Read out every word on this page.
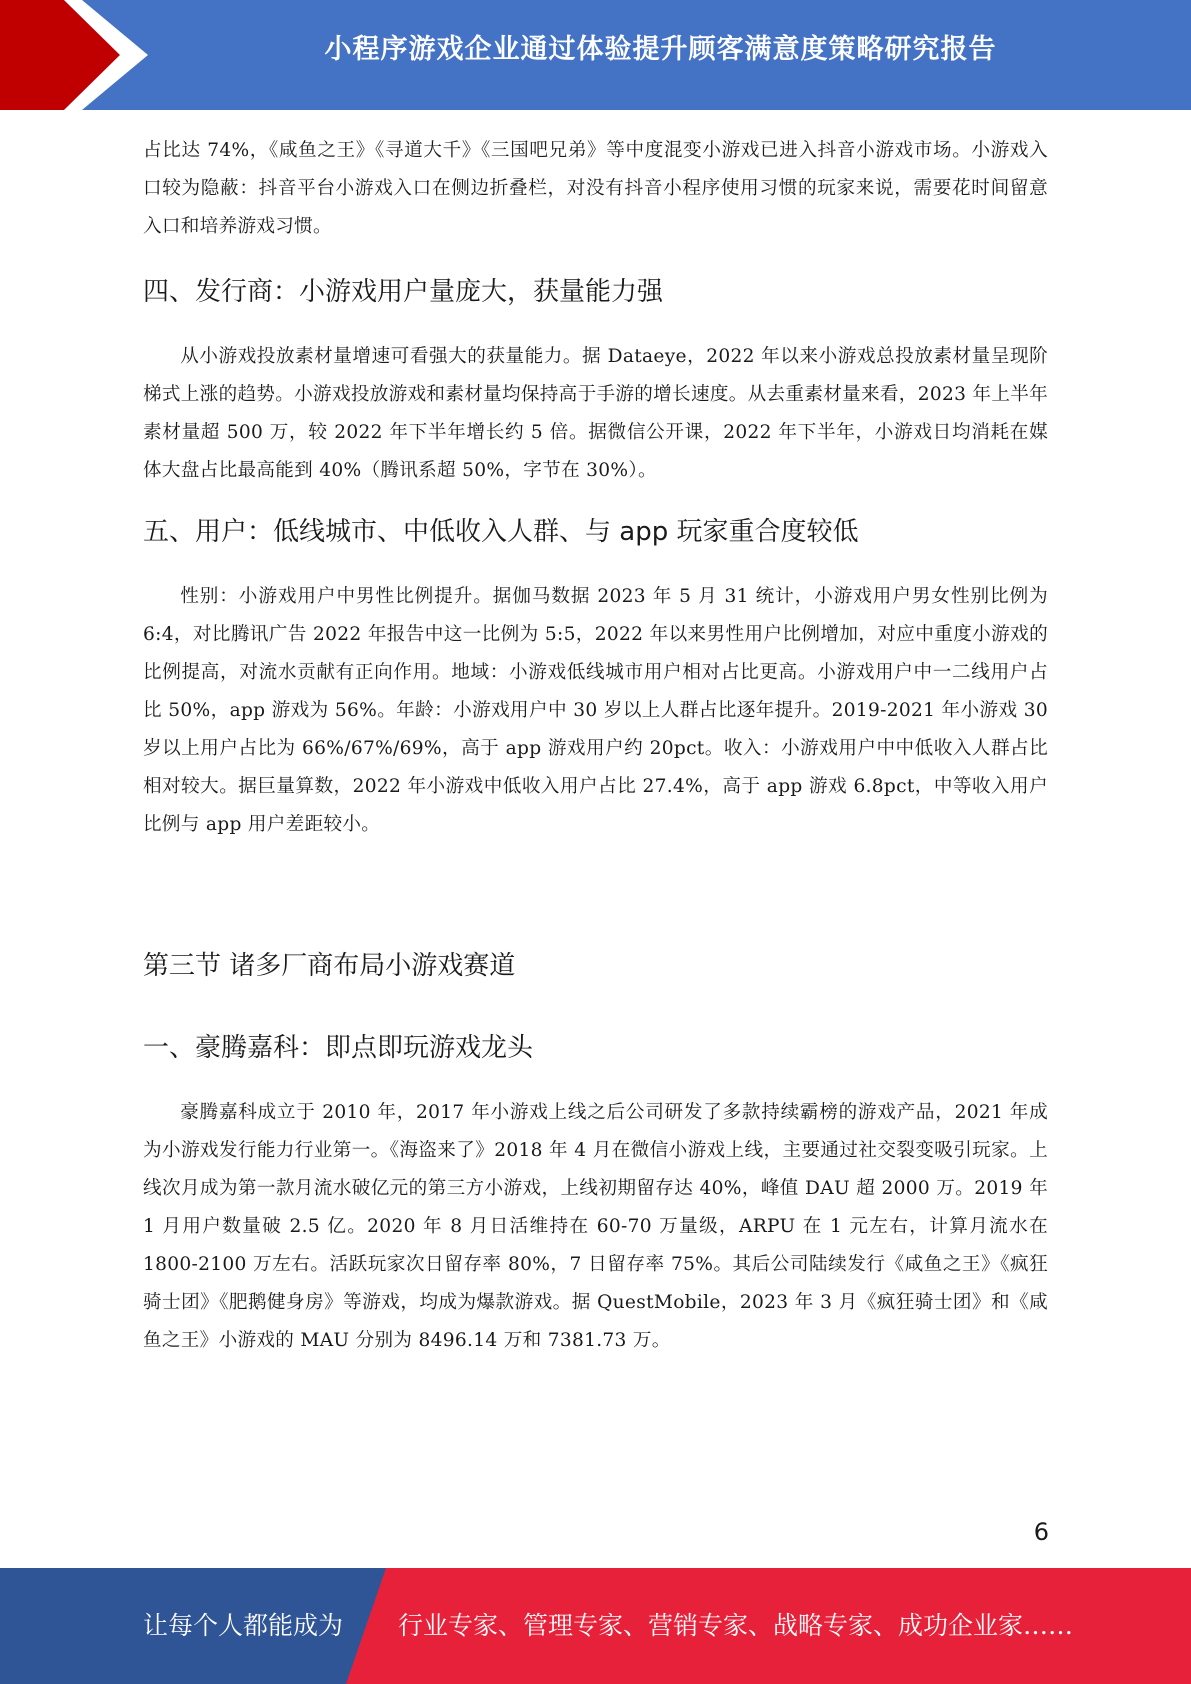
小程序游戏企业通过体验提升顾客满意度策略研究报告

占比达 74%，《咸鱼之王》《寻道大千》《三国吧兄弟》等中度混变小游戏已进入抖音小游戏市场。小游戏入口较为隐蔽：抖音平台小游戏入口在侧边折叠栏，对没有抖音小程序使用习惯的玩家来说，需要花时间留意入口和培养游戏习惯。

四、发行商：小游戏用户量庞大，获量能力强

从小游戏投放素材量增速可看强大的获量能力。据 Dataeye，2022 年以来小游戏总投放素材量呈现阶梯式上涨的趋势。小游戏投放游戏和素材量均保持高于手游的增长速度。从去重素材量来看，2023 年上半年素材量超 500 万，较 2022 年下半年增长约 5 倍。据微信公开课，2022 年下半年，小游戏日均消耗在媒体大盘占比最高能到 40%（腾讯系超 50%，字节在 30%）。

五、用户：低线城市、中低收入人群、与 app 玩家重合度较低

性别：小游戏用户中男性比例提升。据伽马数据 2023 年 5 月 31 统计，小游戏用户男女性别比例为 6:4，对比腾讯广告 2022 年报告中这一比例为 5:5，2022 年以来男性用户比例增加，对应中重度小游戏的比例提高，对流水贡献有正向作用。地域：小游戏低线城市用户相对占比更高。小游戏用户中一二线用户占比 50%，app 游戏为 56%。年龄：小游戏用户中 30 岁以上人群占比逐年提升。2019-2021 年小游戏 30 岁以上用户占比为 66%/67%/69%，高于 app 游戏用户约 20pct。收入：小游戏用户中中低收入人群占比相对较大。据巨量算数，2022 年小游戏中低收入用户占比 27.4%，高于 app 游戏 6.8pct，中等收入用户比例与 app 用户差距较小。

第三节 诸多厂商布局小游戏赛道
一、豪腾嘉科：即点即玩游戏龙头

豪腾嘉科成立于 2010 年，2017 年小游戏上线之后公司研发了多款持续霸榜的游戏产品，2021 年成为小游戏发行能力行业第一。《海盗来了》2018 年 4 月在微信小游戏上线，主要通过社交裂变吸引玩家。上线次月成为第一款月流水破亿元的第三方小游戏，上线初期留存达 40%，峰值 DAU 超 2000 万。2019 年 1 月用户数量破 2.5 亿。2020 年 8 月日活维持在 60-70 万量级，ARPU 在 1 元左右，计算月流水在 1800-2100 万左右。活跃玩家次日留存率 80%，7 日留存率 75%。其后公司陆续发行《咸鱼之王》《疯狂骑士团》《肥鹅健身房》等游戏，均成为爆款游戏。据 QuestMobile，2023 年 3 月《疯狂骑士团》和《咸鱼之王》小游戏的 MAU 分别为 8496.14 万和 7381.73 万。

6
让每个人都能成为 行业专家、管理专家、营销专家、战略专家、成功企业家……
